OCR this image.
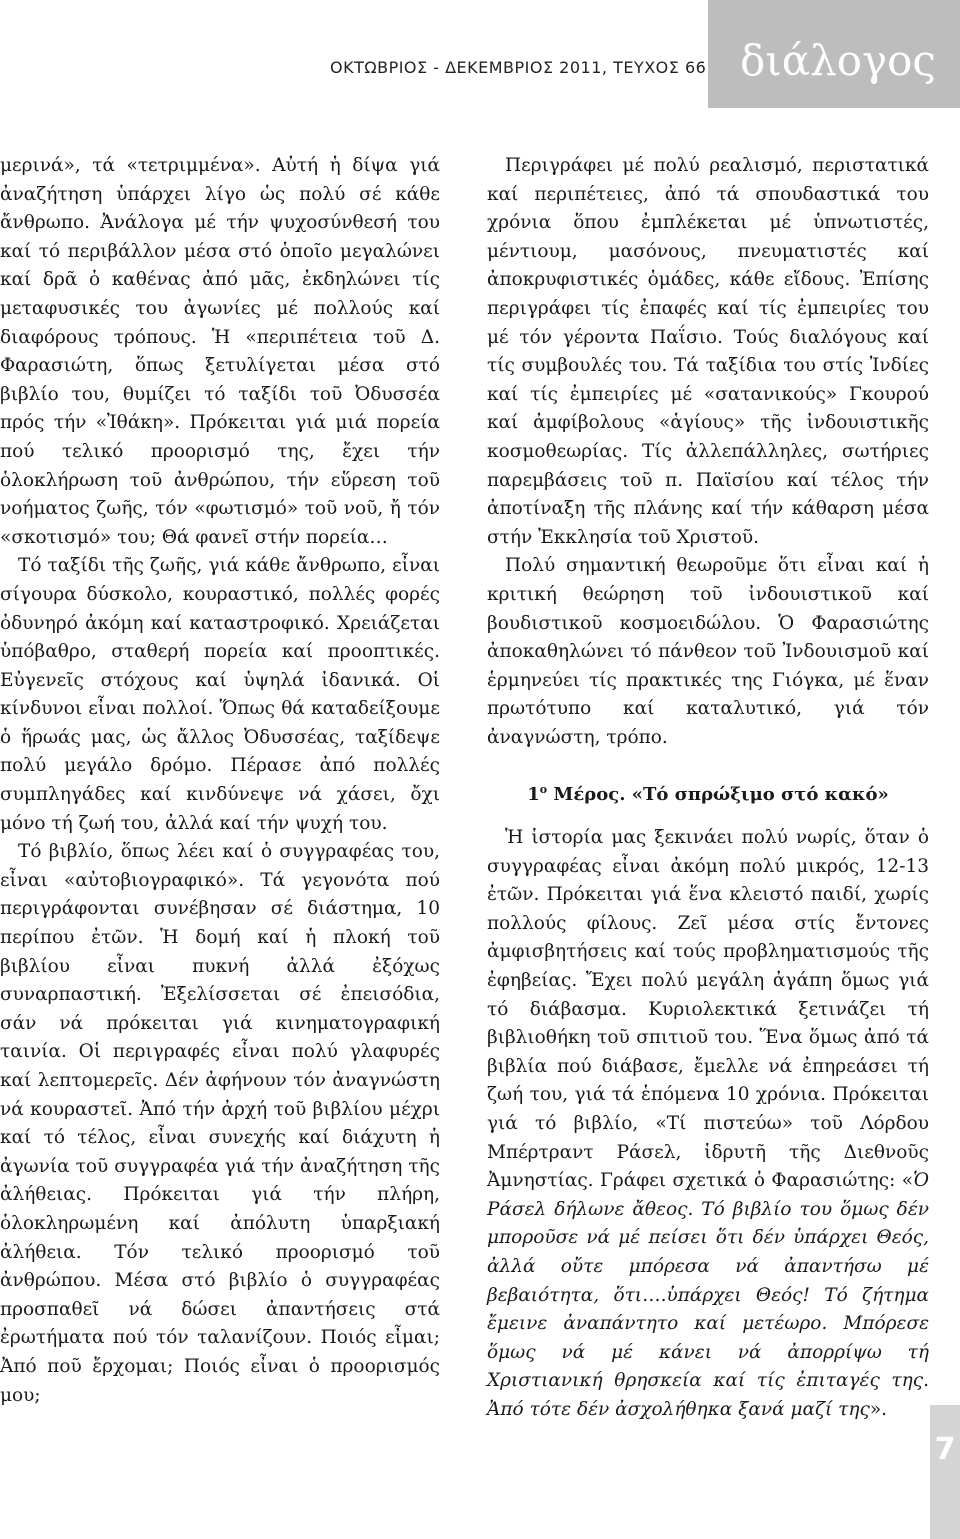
ΟΚΤΩΒΡΙΟΣ - ΔΕΚΕΜΒΡΙΟΣ 2011, ΤΕΥΧΟΣ 66 διάλογος

μερινά», τά «τετριμμένα». Αὐτή ἡ δίψα γιά ἀναζήτηση ὑπάρχει λίγο ὡς πολύ σέ κάθε ἄνθρωπο. Ἀνάλογα μέ τήν ψυχοσύνθεσή του καί τό περιβάλλον μέσα στό ὁποῖο μεγαλώνει καί δρᾶ ὁ καθένας ἀπό μᾶς, ἐκδηλώνει τίς μεταφυσικές του ἀγωνίες μέ πολλούς καί διαφόρους τρόπους. Ἡ «περιπέτεια τοῦ Δ. Φαρασιώτη, ὅπως ξετυλίγεται μέσα στό βιβλίο του, θυμίζει τό ταξίδι τοῦ Ὀδυσσέα πρός τήν «Ἰθάκη». Πρόκειται γιά μιά πορεία πού τελικό προορισμό της, ἔχει τήν ὁλοκλήρωση τοῦ ἀνθρώπου, τήν εὕρεση τοῦ νοήματος ζωῆς, τόν «φωτισμό» τοῦ νοῦ, ἤ τόν «σκοτισμό» του; Θά φανεῖ στήν πορεία…

Τό ταξίδι τῆς ζωῆς, γιά κάθε ἄνθρωπο, εἶναι σίγουρα δύσκολο, κουραστικό, πολλές φορές ὀδυνηρό ἀκόμη καί καταστροφικό. Χρειάζεται ὑπόβαθρο, σταθερή πορεία καί προοπτικές. Εὐγενεῖς στόχους καί ὑψηλά ἰδανικά. Οἱ κίνδυνοι εἶναι πολλοί. Ὅπως θά καταδείξουμε ὁ ἥρωάς μας, ὡς ἄλλος Ὀδυσσέας, ταξίδεψε πολύ μεγάλο δρόμο. Πέρασε ἀπό πολλές συμπληγάδες καί κινδύνεψε νά χάσει, ὄχι μόνο τή ζωή του, ἀλλά καί τήν ψυχή του.

Τό βιβλίο, ὅπως λέει καί ὁ συγγραφέας του, εἶναι «αὐτοβιογραφικό». Τά γεγονότα πού περιγράφονται συνέβησαν σέ διάστημα, 10 περίπου ἐτῶν. Ἡ δομή καί ἡ πλοκή τοῦ βιβλίου εἶναι πυκνή ἀλλά ἐξόχως συναρπαστική. Ἐξελίσσεται σέ ἐπεισόδια, σάν νά πρόκειται γιά κινηματογραφική ταινία. Οἱ περιγραφές εἶναι πολύ γλαφυρές καί λεπτομερεῖς. Δέν ἀφήνουν τόν ἀναγνώστη νά κουραστεῖ. Ἀπό τήν ἀρχή τοῦ βιβλίου μέχρι καί τό τέλος, εἶναι συνεχής καί διάχυτη ἡ ἀγωνία τοῦ συγγραφέα γιά τήν ἀναζήτηση τῆς ἀλήθειας. Πρόκειται γιά τήν πλήρη, ὁλοκληρωμένη καί ἀπόλυτη ὑπαρξιακή ἀλήθεια. Τόν τελικό προορισμό τοῦ ἀνθρώπου. Μέσα στό βιβλίο ὁ συγγραφέας προσπαθεῖ νά δώσει ἀπαντήσεις στά ἐρωτήματα πού τόν ταλανίζουν. Ποιός εἶμαι; Ἀπό ποῦ ἔρχομαι; Ποιός εἶναι ὁ προορισμός μου;

Περιγράφει μέ πολύ ρεαλισμό, περιστατικά καί περιπέτειες, ἀπό τά σπουδαστικά του χρόνια ὅπου ἐμπλέκεται μέ ὑπνωτιστές, μέντιουμ, μασόνους, πνευματιστές καί ἀποκρυφιστικές ὁμάδες, κάθε εἴδους. Ἐπίσης περιγράφει τίς ἐπαφές καί τίς ἐμπειρίες του μέ τόν γέροντα Παΐσιο. Τούς διαλόγους καί τίς συμβουλές του. Τά ταξίδια του στίς Ἰνδίες καί τίς ἐμπειρίες μέ «σατανικούς» Γκουρού καί ἀμφίβολους «ἁγίους» τῆς ἰνδουιστικῆς κοσμοθεωρίας. Τίς ἀλλεπάλληλες, σωτήριες παρεμβάσεις τοῦ π. Παϊσίου καί τέλος τήν ἀποτίναξη τῆς πλάνης καί τήν κάθαρση μέσα στήν Ἐκκλησία τοῦ Χριστοῦ.

Πολύ σημαντική θεωροῦμε ὅτι εἶναι καί ἡ κριτική θεώρηση τοῦ ἰνδουιστικοῦ καί βουδιστικοῦ κοσμοειδώλου. Ὁ Φαρασιώτης ἀποκαθηλώνει τό πάνθεον τοῦ Ἰνδουισμοῦ καί ἑρμηνεύει τίς πρακτικές της Γιόγκα, μέ ἕναν πρωτότυπο καί καταλυτικό, γιά τόν ἀναγνώστη, τρόπο.

$1^o$ Μέρος. «Τό σπρώξιμο στό κακό»

Ἡ ἱστορία μας ξεκινάει πολύ νωρίς, ὅταν ὁ συγγραφέας εἶναι ἀκόμη πολύ μικρός, 12-13 ἐτῶν. Πρόκειται γιά ἕνα κλειστό παιδί, χωρίς πολλούς φίλους. Ζεῖ μέσα στίς ἔντονες ἀμφισβητήσεις καί τούς προβληματισμούς τῆς ἐφηβείας. Ἔχει πολύ μεγάλη ἀγάπη ὅμως γιά τό διάβασμα. Κυριολεκτικά ξετινάζει τή βιβλιοθήκη τοῦ σπιτιοῦ του. Ἕνα ὅμως ἀπό τά βιβλία πού διάβασε, ἔμελλε νά ἐπηρεάσει τή ζωή του, γιά τά ἑπόμενα 10 χρόνια. Πρόκειται γιά τό βιβλίο, «Τί πιστεύω» τοῦ Λόρδου Μπέρτραντ Ράσελ, ἱδρυτῆ τῆς Διεθνοῦς Ἀμνηστίας. Γράφει σχετικά ὁ Φαρασιώτης: «Ὁ Ράσελ δήλωνε ἄθεος. Τό βιβλίο του ὅμως δέν μποροῦσε νά μέ πείσει ὅτι δέν ὑπάρχει Θεός, ἀλλά οὔτε μπόρεσα νά ἀπαντήσω μέ βεβαιότητα, ὅτι….ὑπάρχει Θεός! Τό ζήτημα ἔμεινε ἀναπάντητο καί μετέωρο. Μπόρεσε ὅμως νά μέ κάνει νά ἀπορρίψω τή Χριστιανική θρησκεία καί τίς ἐπιταγές της. Ἀπό τότε δέν ἀσχολήθηκα ξανά μαζί της».

7
